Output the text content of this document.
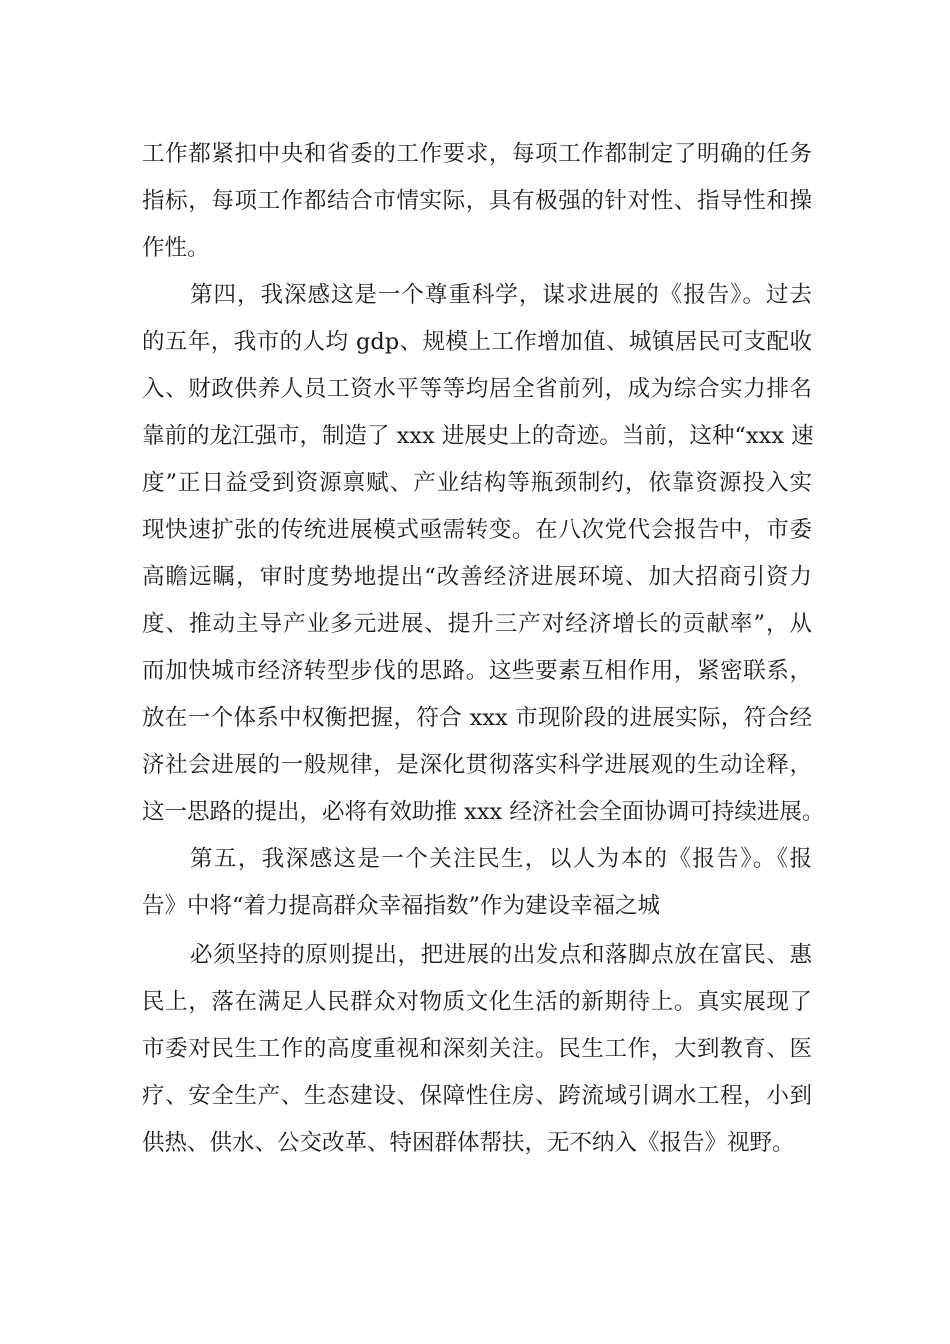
工作都紧扣中央和省委的工作要求，每项工作都制定了明确的任务
指标，每项工作都结合市情实际，具有极强的针对性、指导性和操
作性。
第四，我深感这是一个尊重科学，谋求进展的《报告》。过去
的五年，我市的人均 gdp、规模上工作增加值、城镇居民可支配收
入、财政供养人员工资水平等等均居全省前列，成为综合实力排名
靠前的龙江强市，制造了 xxx 进展史上的奇迹。当前，这种“xxx 速
度”正日益受到资源禀赋、产业结构等瓶颈制约，依靠资源投入实
现快速扩张的传统进展模式亟需转变。在八次党代会报告中，市委
高瞻远瞩，审时度势地提出“改善经济进展环境、加大招商引资力
度、推动主导产业多元进展、提升三产对经济增长的贡献率”，从
而加快城市经济转型步伐的思路。这些要素互相作用，紧密联系，
放在一个体系中权衡把握，符合 xxx 市现阶段的进展实际，符合经
济社会进展的一般规律，是深化贯彻落实科学进展观的生动诠释，
这一思路的提出，必将有效助推 xxx 经济社会全面协调可持续进展。
第五，我深感这是一个关注民生，以人为本的《报告》。《报
告》中将“着力提高群众幸福指数”作为建设幸福之城
必须坚持的原则提出，把进展的出发点和落脚点放在富民、惠
民上，落在满足人民群众对物质文化生活的新期待上。真实展现了
市委对民生工作的高度重视和深刻关注。民生工作，大到教育、医
疗、安全生产、生态建设、保障性住房、跨流域引调水工程，小到
供热、供水、公交改革、特困群体帮扶，无不纳入《报告》视野。
